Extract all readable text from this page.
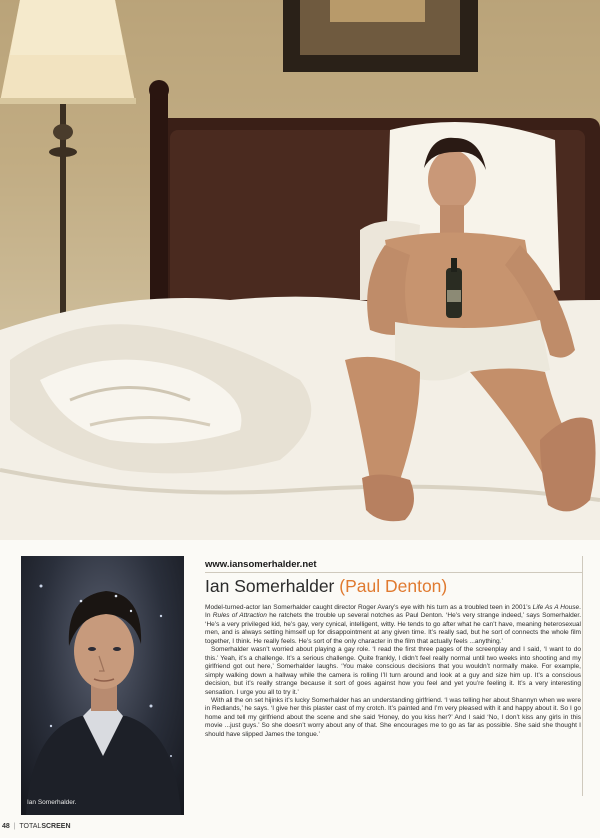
Ian Somerhalder.
www.iansomerhalder.net
Ian Somerhalder (Paul Denton)

Model-turned-actor Ian Somerhalder caught director Roger Avary’s eye with his turn as a troubled teen in 2001’s Life As A House. In Rules of Attraction he ratchets the trouble up several notches as Paul Denton. ‘He’s very strange indeed,’ says Somerhalder. ‘He’s a very privileged kid, he’s gay, very cynical, intelligent, witty. He tends to go after what he can’t have, meaning heterosexual men, and is always setting himself up for disappointment at any given time. It’s really sad, but he sort of connects the whole film together, I think. He really feels. He’s sort of the only character in the film that actually feels ...anything.’

Somerhalder wasn’t worried about playing a gay role. ‘I read the first three pages of the screenplay and I said, ‘I want to do this.’ Yeah, it’s a challenge. It’s a serious challenge. Quite frankly, I didn’t feel really normal until two weeks into shooting and my girlfriend got out here,’ Somerhalder laughs. ‘You make conscious decisions that you wouldn’t normally make. For example, simply walking down a hallway while the camera is rolling I’ll turn around and look at a guy and size him up. It’s a conscious decision, but it’s really strange because it sort of goes against how you feel and yet you’re feeling it. It’s a very interesting sensation. I urge you all to try it.’

With all the on set hijinks it’s lucky Somerhalder has an understanding girlfriend. ‘I was telling her about Shannyn when we were in Redlands,’ he says. ‘I give her this plaster cast of my crotch. It’s painted and I’m very pleased with it and happy about it. So I go home and tell my girlfriend about the scene and she said ‘Honey, do you kiss her?’ And I said ‘No, I don’t kiss any girls in this movie ...just guys.’ So she doesn’t worry about any of that. She encourages me to go as far as possible. She said she thought I should have slipped James the tongue.’

48 | TOTALSCREEN
